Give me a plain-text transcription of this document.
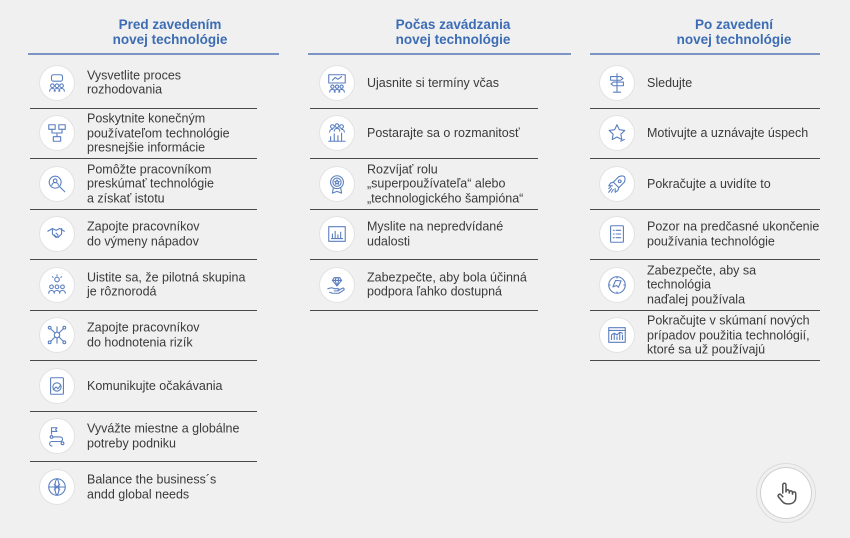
Pred zavedením
novej technológie
Počas zavádzania
novej technológie
Po zavedení
novej technológie
Vysvetlite proces
rozhodovania
Poskytnite konečným
používateľom technológie
presnejšie informácie
Pomôžte pracovníkom
preskúmať technológie
a získať istotu
Zapojte pracovníkov
do výmeny nápadov
Uistite sa, že pilotná skupina
je rôznorodá
Zapojte pracovníkov
do hodnotenia rizík
Komunikujte očakávania
Vyvážte miestne a globálne
potreby podniku
Balance the business´s
andd global needs
Ujasnite si termíny včas
Postarajte sa o rozmanitosť
Rozvíjať rolu
„superpoužívateľa“ alebo
„technologického šampióna“
Myslite na nepredvídané
udalosti
Zabezpečte, aby bola účinná
podpora ľahko dostupná
Sledujte
Motivujte a uznávajte úspech
Pokračujte a uvidíte to
Pozor na predčasné ukončenie
používania technológie
Zabezpečte, aby sa technológia
naďalej používala
Pokračujte v skúmaní nových
prípadov použitia technológií,
ktoré sa už používajú
